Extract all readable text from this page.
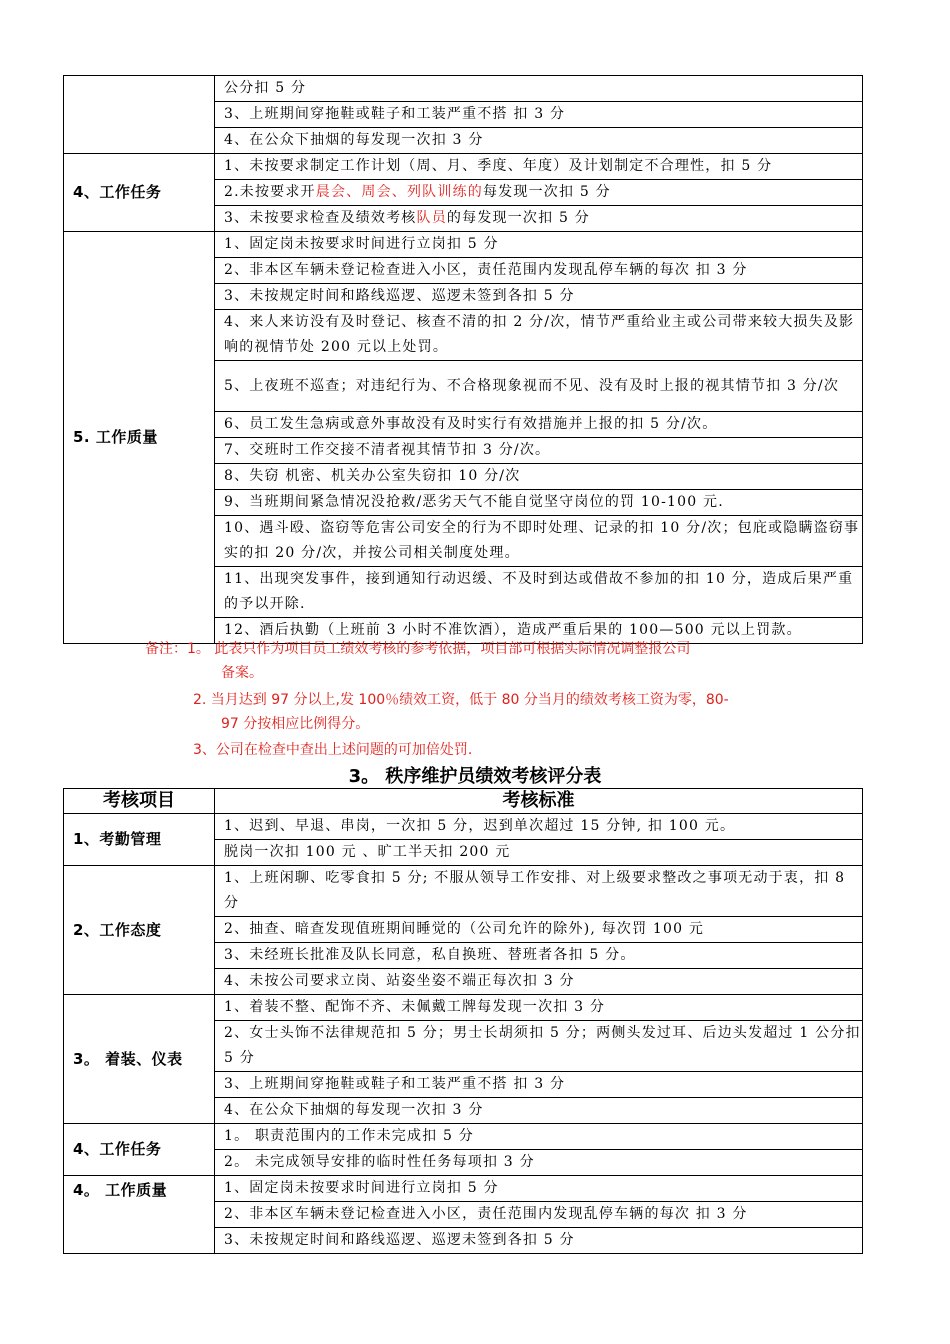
	公分扣 5 分
	3、上班期间穿拖鞋或鞋子和工装严重不搭 扣 3 分
	4、在公众下抽烟的每发现一次扣 3 分
4、工作任务	1、未按要求制定工作计划（周、月、季度、年度）及计划制定不合理性，扣 5 分
	2.未按要求开晨会、周会、列队训练的每发现一次扣 5 分
	3、未按要求检查及绩效考核队员的每发现一次扣 5 分
5. 工作质量	1、固定岗未按要求时间进行立岗扣 5 分
	2、非本区车辆未登记检查进入小区，责任范围内发现乱停车辆的每次 扣 3 分
	3、未按规定时间和路线巡逻、巡逻未签到各扣 5 分
	4、来人来访没有及时登记、核查不清的扣 2 分/次，情节严重给业主或公司带来较大损失及影响的视情节处 200 元以上处罚。
	5、上夜班不巡查；对违纪行为、不合格现象视而不见、没有及时上报的视其情节扣 3 分/次
	6、员工发生急病或意外事故没有及时实行有效措施并上报的扣 5 分/次。
	7、交班时工作交接不清者视其情节扣 3 分/次。
	8、失窃 机密、机关办公室失窃扣 10 分/次
	9、当班期间紧急情况没抢救/恶劣天气不能自觉坚守岗位的罚 10-100 元.
	10、遇斗殴、盗窃等危害公司安全的行为不即时处理、记录的扣 10 分/次；包庇或隐瞒盗窃事实的扣 20 分/次，并按公司相关制度处理。
	11、出现突发事件，接到通知行动迟缓、不及时到达或借故不参加的扣 10 分，造成后果严重的予以开除.
	12、酒后执勤（上班前 3 小时不准饮酒），造成严重后果的 100—500 元以上罚款。
备注：1。 此表只作为项目员工绩效考核的参考依据，项目部可根据实际情况调整报公司
备案。
2. 当月达到 97 分以上,发 100％绩效工资，低于 80 分当月的绩效考核工资为零，80-
97 分按相应比例得分。
3、公司在检查中查出上述问题的可加倍处罚.
3。 秩序维护员绩效考核评分表
考核项目	考核标准
1、考勤管理	1、迟到、早退、串岗，一次扣 5 分，迟到单次超过 15 分钟, 扣 100 元。
	脱岗一次扣 100 元 、旷工半天扣 200 元
2、工作态度	1、上班闲聊、吃零食扣 5 分; 不服从领导工作安排、对上级要求整改之事项无动于衷，扣 8 分
	2、抽查、暗查发现值班期间睡觉的（公司允许的除外), 每次罚 100 元
	3、未经班长批准及队长同意，私自换班、替班者各扣 5 分。
	4、未按公司要求立岗、站姿坐姿不端正每次扣 3 分
3。 着装、仪表	1、着装不整、配饰不齐、未佩戴工牌每发现一次扣 3 分
	2、女士头饰不法律规范扣 5 分；男士长胡须扣 5 分；两侧头发过耳、后边头发超过 1 公分扣 5 分
	3、上班期间穿拖鞋或鞋子和工装严重不搭 扣 3 分
	4、在公众下抽烟的每发现一次扣 3 分
4、工作任务	1。 职责范围内的工作未完成扣 5 分
	2。 未完成领导安排的临时性任务每项扣 3 分
4。 工作质量	1、固定岗未按要求时间进行立岗扣 5 分
	2、非本区车辆未登记检查进入小区，责任范围内发现乱停车辆的每次 扣 3 分
	3、未按规定时间和路线巡逻、巡逻未签到各扣 5 分
